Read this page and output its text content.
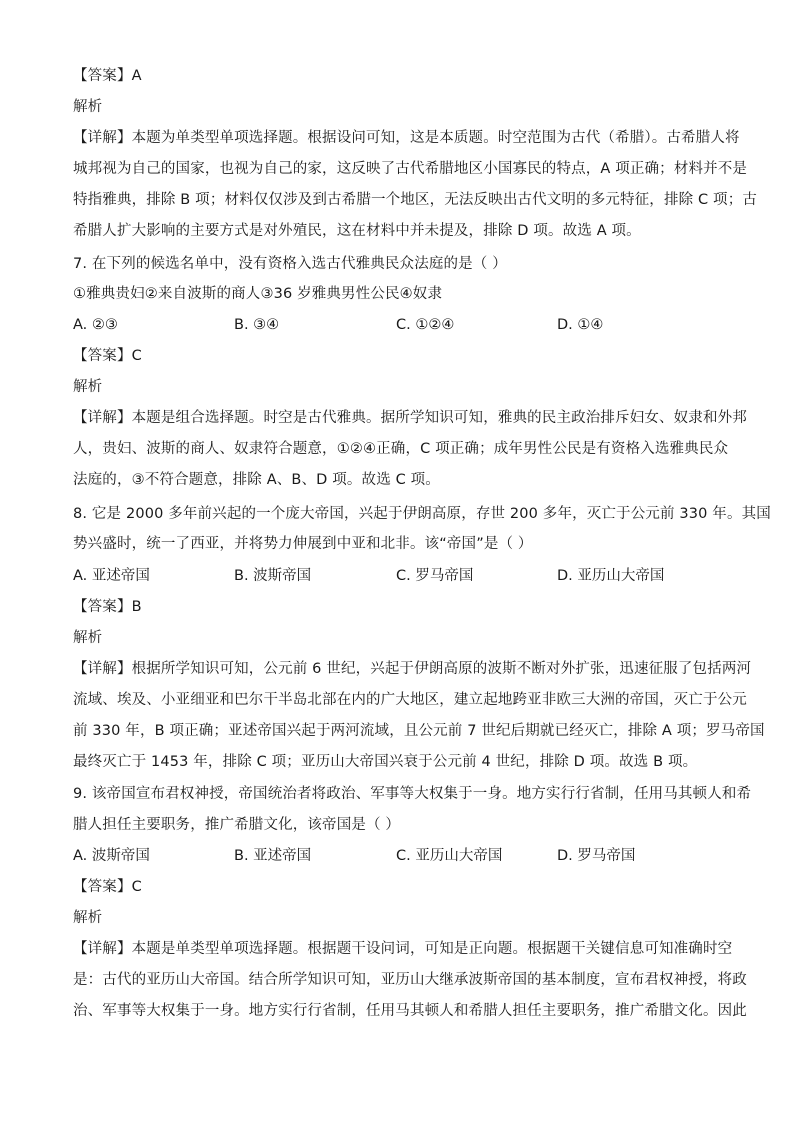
【答案】A
解析
【详解】本题为单类型单项选择题。根据设问可知，这是本质题。时空范围为古代（希腊）。古希腊人将
城邦视为自己的国家，也视为自己的家，这反映了古代希腊地区小国寡民的特点，A 项正确；材料并不是
特指雅典，排除 B 项；材料仅仅涉及到古希腊一个地区，无法反映出古代文明的多元特征，排除 C 项；古
希腊人扩大影响的主要方式是对外殖民，这在材料中并未提及，排除 D 项。故选 A 项。
7. 在下列的候选名单中，没有资格入选古代雅典民众法庭的是（ ）
①雅典贵妇②来自波斯的商人③36 岁雅典男性公民④奴隶
A. ②③	B. ③④	C. ①②④	D. ①④
【答案】C
解析
【详解】本题是组合选择题。时空是古代雅典。据所学知识可知，雅典的民主政治排斥妇女、奴隶和外邦
人，贵妇、波斯的商人、奴隶符合题意，①②④正确，C 项正确；成年男性公民是有资格入选雅典民众
法庭的，③不符合题意，排除 A、B、D 项。故选 C 项。
8. 它是 2000 多年前兴起的一个庞大帝国，兴起于伊朗高原，存世 200 多年，灭亡于公元前 330 年。其国
势兴盛时，统一了西亚，并将势力伸展到中亚和北非。该“帝国”是（ ）
A. 亚述帝国	B. 波斯帝国	C. 罗马帝国	D. 亚历山大帝国
【答案】B
解析
【详解】根据所学知识可知，公元前 6 世纪，兴起于伊朗高原的波斯不断对外扩张，迅速征服了包括两河
流域、埃及、小亚细亚和巴尔干半岛北部在内的广大地区，建立起地跨亚非欧三大洲的帝国，灭亡于公元
前 330 年，B 项正确；亚述帝国兴起于两河流域，且公元前 7 世纪后期就已经灭亡，排除 A 项；罗马帝国
最终灭亡于 1453 年，排除 C 项；亚历山大帝国兴衰于公元前 4 世纪，排除 D 项。故选 B 项。
9. 该帝国宣布君权神授，帝国统治者将政治、军事等大权集于一身。地方实行行省制，任用马其顿人和希
腊人担任主要职务，推广希腊文化，该帝国是（ ）
A. 波斯帝国	B. 亚述帝国	C. 亚历山大帝国	D. 罗马帝国
【答案】C
解析
【详解】本题是单类型单项选择题。根据题干设问词，可知是正向题。根据题干关键信息可知准确时空
是：古代的亚历山大帝国。结合所学知识可知，亚历山大继承波斯帝国的基本制度，宣布君权神授，将政
治、军事等大权集于一身。地方实行行省制，任用马其顿人和希腊人担任主要职务，推广希腊文化。因此
